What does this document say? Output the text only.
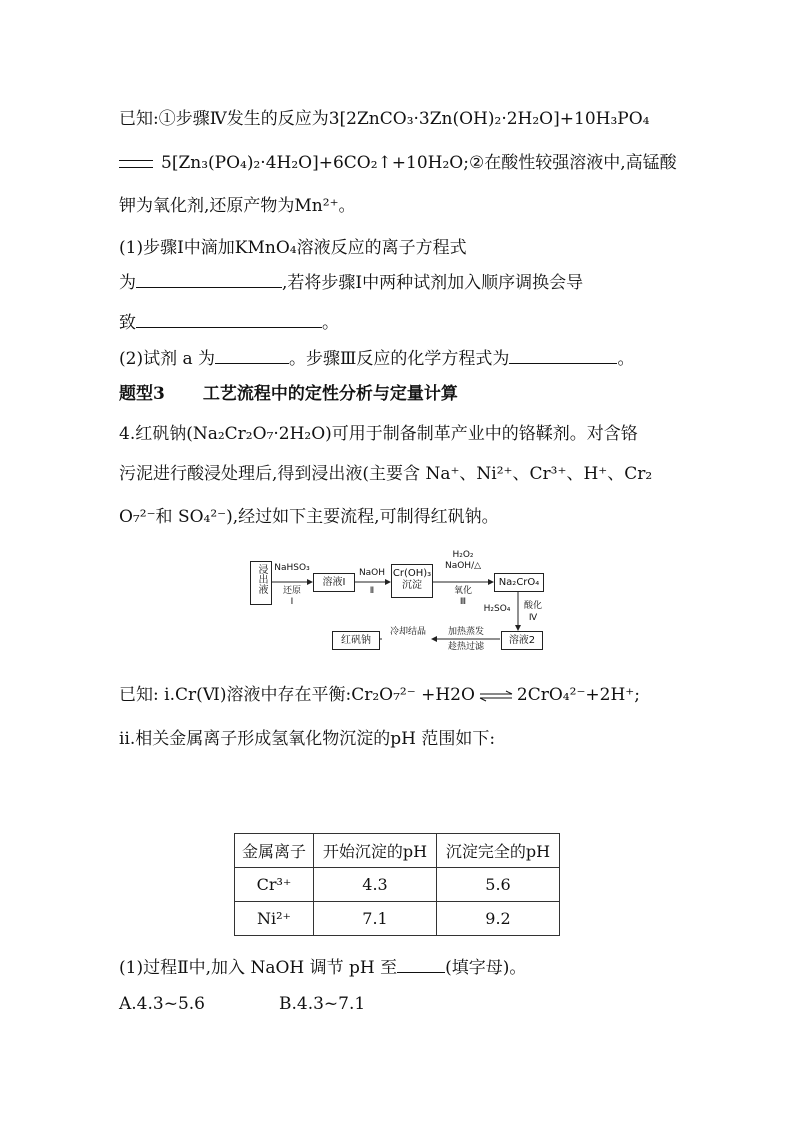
已知:①步骤Ⅳ发生的反应为3[2ZnCO₃·3Zn(OH)₂·2H₂O]+10H₃PO₄
5[Zn₃(PO₄)₂·4H₂O]+6CO₂↑+10H₂O;②在酸性较强溶液中,高锰酸
钾为氧化剂,还原产物为Mn²⁺。
(1)步骤Ⅰ中滴加KMnO₄溶液反应的离子方程式
为	,若将步骤Ⅰ中两种试剂加入顺序调换会导
致	。
(2)试剂 a 为	。步骤Ⅲ反应的化学方程式为	。
题型3 工艺流程中的定性分析与定量计算
4.红矾钠(Na₂Cr₂O₇·2H₂O)可用于制备制革产业中的铬鞣剂。对含铬
污泥进行酸浸处理后,得到浸出液(主要含 Na⁺、Ni²⁺、Cr³⁺、H⁺、Cr₂
O₇²⁻和 SO₄²⁻),经过如下主要流程,可制得红矾钠。
浸出液 NaHSO₃
还原
Ⅰ
溶液Ⅰ
NaOH
Ⅱ
Cr(OH)₃
沉淀
H₂O₂
NaOH/△
氧化
Ⅲ
Na₂CrO₄
H₂SO₄	酸化
Ⅳ
溶液2
加热蒸发
趁热过滤
冷却结晶
红矾钠
已知: ⅰ.Cr(Ⅵ)溶液中存在平衡:Cr₂O₇²⁻ +H2O ⇌ 2CrO₄²⁻+2H⁺;
ⅱ.相关金属离子形成氢氧化物沉淀的pH 范围如下:
金属离子	开始沉淀的pH	沉淀完全的pH
Cr³⁺	4.3	5.6
Ni²⁺	7.1	9.2
(1)过程Ⅱ中,加入 NaOH 调节 pH 至	(填字母)。
A.4.3~5.6	B.4.3~7.1
